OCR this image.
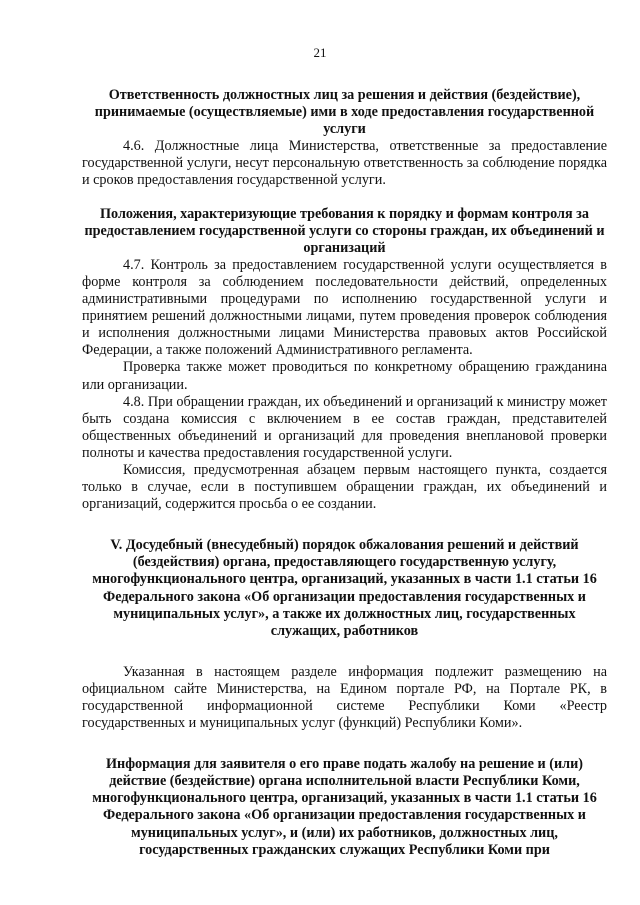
21
Ответственность должностных лиц за решения и действия (бездействие), принимаемые (осуществляемые) ими в ходе предоставления государственной услуги

4.6. Должностные лица Министерства, ответственные за предоставление государственной услуги, несут персональную ответственность за соблюдение порядка и сроков предоставления государственной услуги.

Положения, характеризующие требования к порядку и формам контроля за предоставлением государственной услуги со стороны граждан, их объединений и организаций

4.7. Контроль за предоставлением государственной услуги осуществляется в форме контроля за соблюдением последовательности действий, определенных административными процедурами по исполнению государственной услуги и принятием решений должностными лицами, путем проведения проверок соблюдения и исполнения должностными лицами Министерства правовых актов Российской Федерации, а также положений Административного регламента.

Проверка также может проводиться по конкретному обращению гражданина или организации.

4.8. При обращении граждан, их объединений и организаций к министру может быть создана комиссия с включением в ее состав граждан, представителей общественных объединений и организаций для проведения внеплановой проверки полноты и качества предоставления государственной услуги.

Комиссия, предусмотренная абзацем первым настоящего пункта, создается только в случае, если в поступившем обращении граждан, их объединений и организаций, содержится просьба о ее создании.

V. Досудебный (внесудебный) порядок обжалования решений и действий (бездействия) органа, предоставляющего государственную услугу, многофункционального центра, организаций, указанных в части 1.1 статьи 16 Федерального закона «Об организации предоставления государственных и муниципальных услуг», а также их должностных лиц, государственных служащих, работников

Указанная в настоящем разделе информация подлежит размещению на официальном сайте Министерства, на Едином портале РФ, на Портале РК, в государственной информационной системе Республики Коми «Реестр государственных и муниципальных услуг (функций) Республики Коми».

Информация для заявителя о его праве подать жалобу на решение и (или) действие (бездействие) органа исполнительной власти Республики Коми, многофункционального центра, организаций, указанных в части 1.1 статьи 16 Федерального закона «Об организации предоставления государственных и муниципальных услуг», и (или) их работников, должностных лиц, государственных гражданских служащих Республики Коми при
